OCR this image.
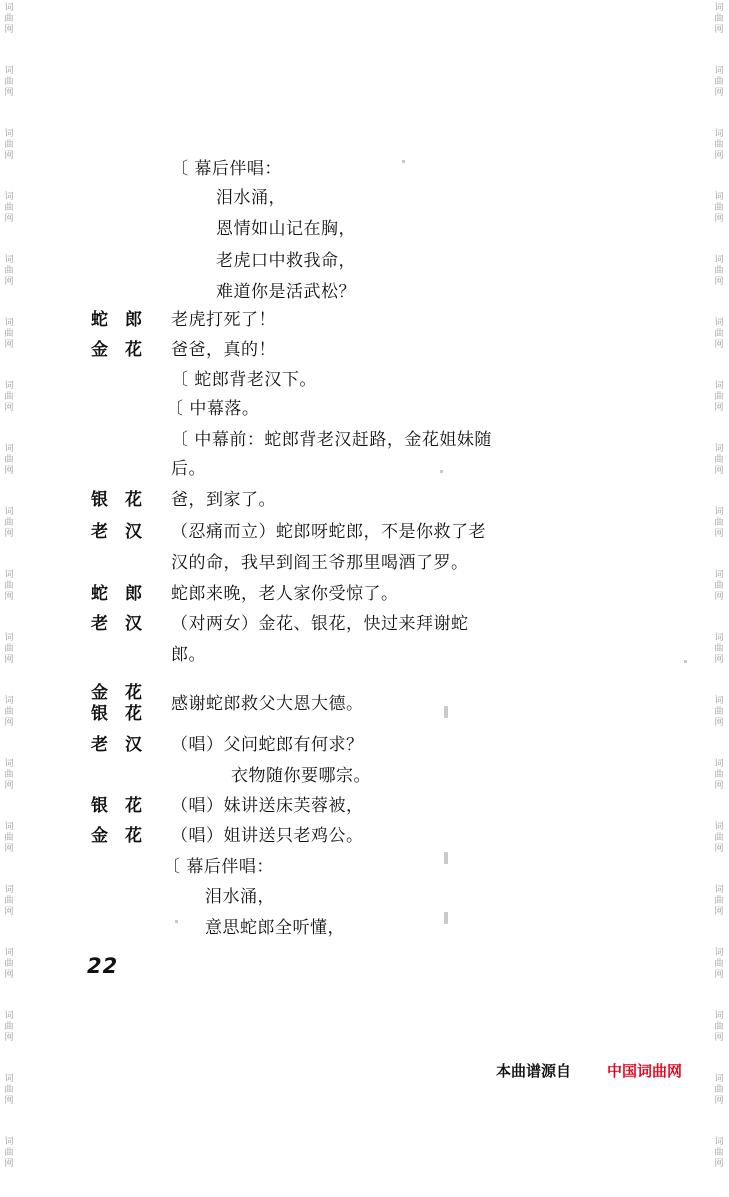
词
曲
网
词
曲
网
词
曲
网
词
曲
网
词
曲
网
词
曲
网
词
曲
网
词
曲
网
词
曲
网
词
曲
网
词
曲
网
词
曲
网
词
曲
网
词
曲
网
词
曲
网
词
曲
网
词
曲
网
词
曲
网
词
曲
网
词
曲
网
词
曲
网
词
曲
网
词
曲
网
词
曲
网
词
曲
网
词
曲
网
词
曲
网
词
曲
网
词
曲
网
词
曲
网
词
曲
网
词
曲
网
词
曲
网
词
曲
网
词
曲
网
词
曲
网
词
曲
网
词
曲
网
〔 幕后伴唱：
泪水涌，
恩情如山记在胸，
老虎口中救我命，
难道你是活武松？
蛇　郎 老虎打死了！
金　花 爸爸，真的！
〔 蛇郎背老汉下。
〔 中幕落。
〔 中幕前：蛇郎背老汉赶路，金花姐妹随
后。
银　花 爸，到家了。
老　汉 （忍痛而立）蛇郎呀蛇郎，不是你救了老
汉的命，我早到阎王爷那里喝酒了罗。
蛇　郎 蛇郎来晚，老人家你受惊了。
老　汉 （对两女）金花、银花，快过来拜谢蛇
郎。
金　花
银　花 感谢蛇郎救父大恩大德。
老　汉 （唱）父问蛇郎有何求？
衣物随你要哪宗。
银　花 （唱）妹讲送床芙蓉被，
金　花 （唱）姐讲送只老鸡公。
〔 幕后伴唱：
泪水涌，
意思蛇郎全听懂，
22
本曲谱源自 中国词曲网
